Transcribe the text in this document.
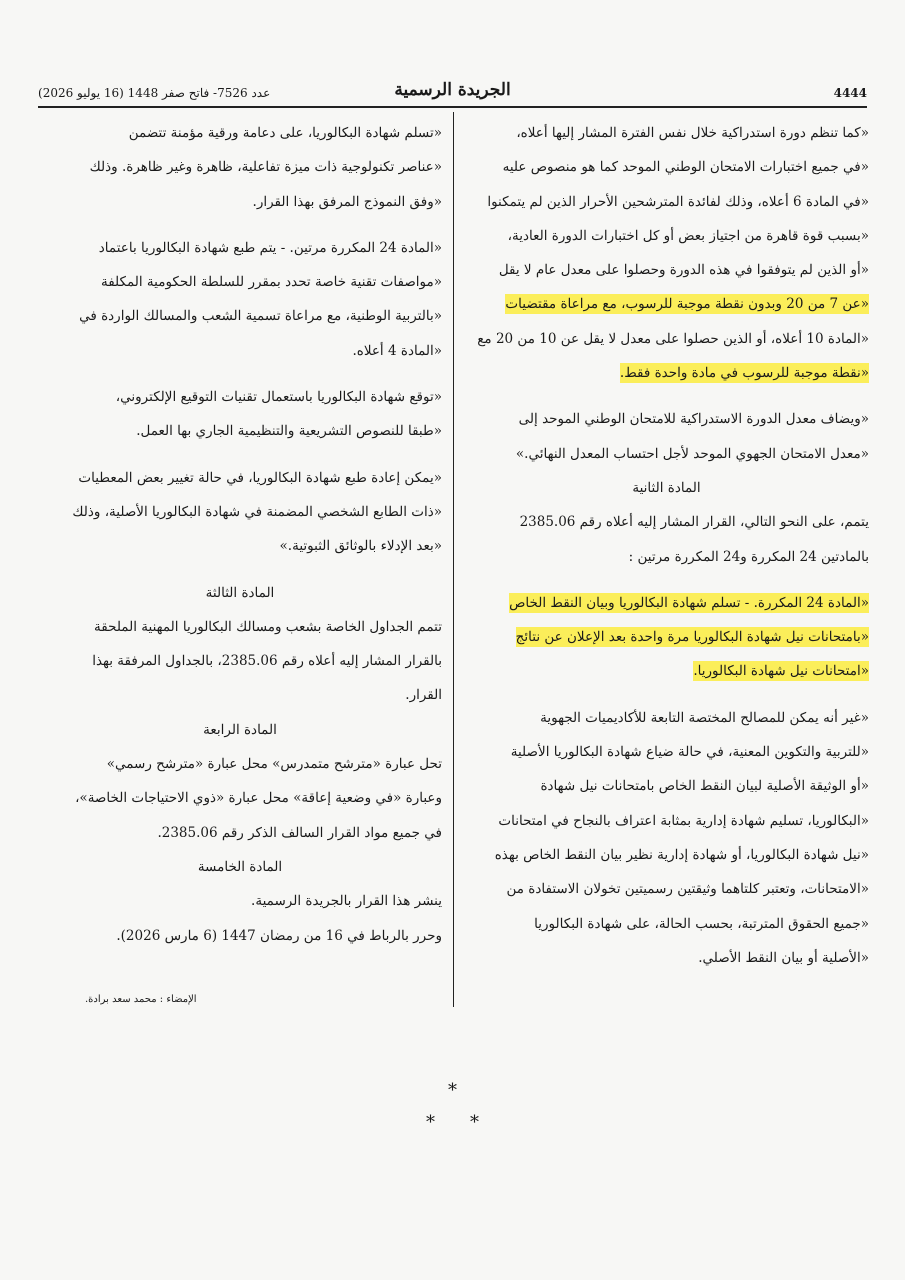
عدد 7526- فاتح صفر 1448 (16 يوليو 2026)	الجريدة الرسمية	4444
«كما تنظم دورة استدراكية خلال نفس الفترة المشار إليها أعلاه،
«في جميع اختبارات الامتحان الوطني الموحد كما هو منصوص عليه
«في المادة 6 أعلاه، وذلك لفائدة المترشحين الأحرار الذين لم يتمكنوا
«بسبب قوة قاهرة من اجتياز بعض أو كل اختبارات الدورة العادية،
«أو الذين لم يتوفقوا في هذه الدورة وحصلوا على معدل عام لا يقل
«عن 7 من 20 وبدون نقطة موجبة للرسوب، مع مراعاة مقتضيات
«المادة 10 أعلاه، أو الذين حصلوا على معدل لا يقل عن 10 من 20 مع
«نقطة موجبة للرسوب في مادة واحدة فقط.
«ويضاف معدل الدورة الاستدراكية للامتحان الوطني الموحد إلى
«معدل الامتحان الجهوي الموحد لأجل احتساب المعدل النهائي.»
المادة الثانية
يتمم، على النحو التالي، القرار المشار إليه أعلاه رقم 2385.06
بالمادتين 24 المكررة و24 المكررة مرتين :
«المادة 24 المكررة. - تسلم شهادة البكالوريا وبيان النقط الخاص
«بامتحانات نيل شهادة البكالوريا مرة واحدة بعد الإعلان عن نتائج
«امتحانات نيل شهادة البكالوريا.
«غير أنه يمكن للمصالح المختصة التابعة للأكاديميات الجهوية
«للتربية والتكوين المعنية، في حالة ضياع شهادة البكالوريا الأصلية
«أو الوثيقة الأصلية لبيان النقط الخاص بامتحانات نيل شهادة
«البكالوريا، تسليم شهادة إدارية بمثابة اعتراف بالنجاح في امتحانات
«نيل شهادة البكالوريا، أو شهادة إدارية نظير بيان النقط الخاص بهذه
«الامتحانات، وتعتبر كلتاهما وثيقتين رسميتين تخولان الاستفادة من
«جميع الحقوق المترتبة، بحسب الحالة، على شهادة البكالوريا
«الأصلية أو بيان النقط الأصلي.
«تسلم شهادة البكالوريا، على دعامة ورقية مؤمنة تتضمن
«عناصر تكنولوجية ذات ميزة تفاعلية، ظاهرة وغير ظاهرة. وذلك
«وفق النموذج المرفق بهذا القرار.
«المادة 24 المكررة مرتين. - يتم طبع شهادة البكالوريا باعتماد
«مواصفات تقنية خاصة تحدد بمقرر للسلطة الحكومية المكلفة
«بالتربية الوطنية، مع مراعاة تسمية الشعب والمسالك الواردة في
«المادة 4 أعلاه.
«توقع شهادة البكالوريا باستعمال تقنيات التوقيع الإلكتروني،
«طبقا للنصوص التشريعية والتنظيمية الجاري بها العمل.
«يمكن إعادة طبع شهادة البكالوريا، في حالة تغيير بعض المعطيات
«ذات الطابع الشخصي المضمنة في شهادة البكالوريا الأصلية، وذلك
«بعد الإدلاء بالوثائق الثبوتية.»
المادة الثالثة
تتمم الجداول الخاصة بشعب ومسالك البكالوريا المهنية الملحقة
بالقرار المشار إليه أعلاه رقم 2385.06، بالجداول المرفقة بهذا
القرار.
المادة الرابعة
تحل عبارة «مترشح متمدرس» محل عبارة «مترشح رسمي»
وعبارة «في وضعية إعاقة» محل عبارة «ذوي الاحتياجات الخاصة»،
في جميع مواد القرار السالف الذكر رقم 2385.06.
المادة الخامسة
ينشر هذا القرار بالجريدة الرسمية.
وحرر بالرباط في 16 من رمضان 1447 (6 مارس 2026).
الإمضاء : محمد سعد برادة.
*
* *
